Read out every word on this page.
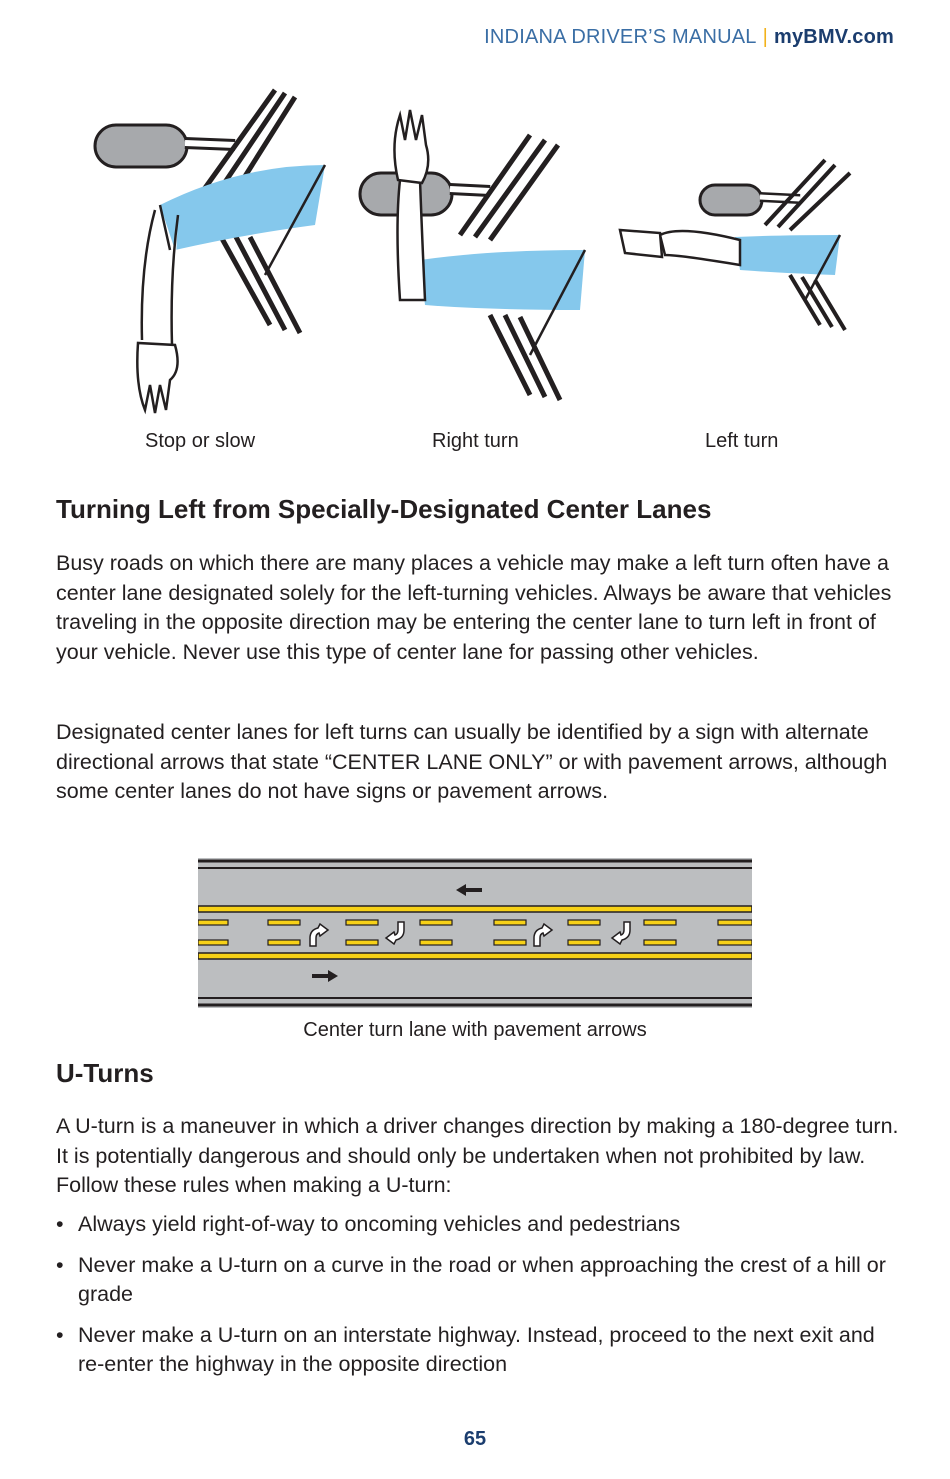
INDIANA DRIVER’S MANUAL | myBMV.com
Stop or slow	Right turn	Left turn
Turning Left from Specially-Designated Center Lanes

Busy roads on which there are many places a vehicle may make a left turn often have a center lane designated solely for the left-turning vehicles. Always be aware that vehicles traveling in the opposite direction may be entering the center lane to turn left in front of your vehicle. Never use this type of center lane for passing other vehicles.

Designated center lanes for left turns can usually be identified by a sign with alternate directional arrows that state “CENTER LANE ONLY” or with pavement arrows, although some center lanes do not have signs or pavement arrows.

Center turn lane with pavement arrows
U-Turns

A U-turn is a maneuver in which a driver changes direction by making a 180-degree turn. It is potentially dangerous and should only be undertaken when not prohibited by law. Follow these rules when making a U-turn:

• Always yield right-of-way to oncoming vehicles and pedestrians
• Never make a U-turn on a curve in the road or when approaching the crest of a hill or grade
• Never make a U-turn on an interstate highway. Instead, proceed to the next exit and re-enter the highway in the opposite direction
65
